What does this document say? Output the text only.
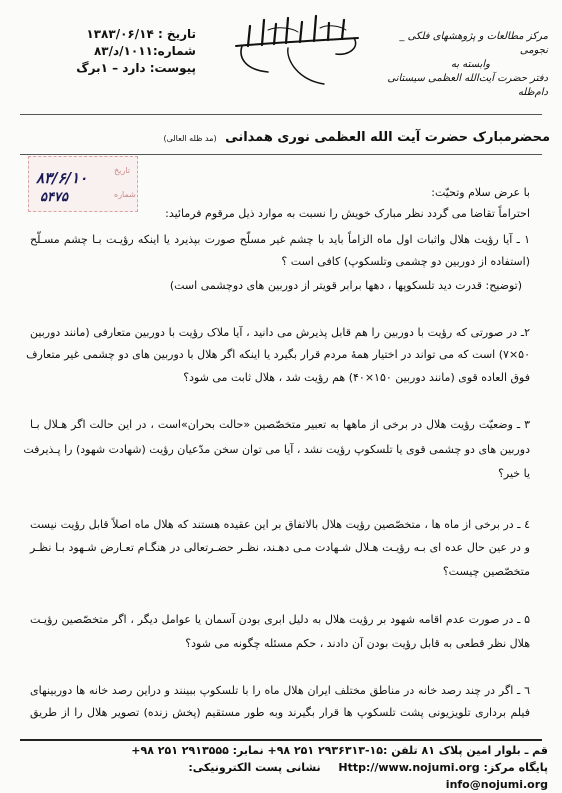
تاریخ : ۱۳۸۳/۰۶/۱۴
شماره:۱۰۱۱/د/۸۳
پیوست: دارد – ۱برگ
مرکز مطالعات و پژوهشهای فلکی _ نجومی
وابسته به
دفتر حضرت آیت‌الله العظمی سیستانی دام‌ظله
محضرمبارک حضرت آیت الله العظمی نوری همدانی (مد ظله العالی)
تاریخ
شماره
۸۳/۶/۱۰
۵۴۷۵	با عرض سلام وتحیّت:
احتراماً تقاضا می گردد نظر مبارک خویش را نسبت به موارد ذیل مرقوم فرمائید:
۱ ـ آیا رؤیت هلال واثبات اول ماه الزاماً باید با چشم غیر مسلّح صورت بپذیرد یا اینکه رؤیـت بـا چشم مسـلّح
(استفاده از دوربین دو چشمی وتلسکوپ) کافی است ؟
(توضیح: قدرت دید تلسکوپها ، دهها برابر قویتر از دوربین های دوچشمی است)
۲ـ در صورتی که رؤیت با دوربین را هم قابل پذیرش می دانید ، آیا ملاک رؤیت با دوربین متعارفی (مانند دوربین
۵۰×۷) است که می تواند در اختیار همهٔ مردم قرار بگیرد یا اینکه اگر هلال با دوربین های دو چشمی غیر متعارف
فوق العاده قوی (مانند دوربین ۱۵۰×۴۰) هم رؤیت شد ، هلال ثابت می شود؟
۳ ـ وضعیّت رؤیت هلال در برخی از ماهها به تعبیر متخصّصین «حالت بحران»است ، در این حالت اگر هـلال بـا
دوربین های دو چشمی قوی یا تلسکوپ رؤیت نشد ، آیا می توان سخن مدّعیان رؤیت (شهادت شهود) را پـذیرفت
یا خیر؟
٤ ـ در برخی از ماه ها ، متخصّصین رؤیت هلال بالاتفاق بر این عقیده هستند که هلال ماه اصلاً قابل رؤیت نیست
و در عین حال عده ای بـه رؤیـت هـلال شـهادت مـی دهـند، نظـر حضـرتعالی در هنگـام تعـارض شـهود بـا نظـر
متخصّصین چیست؟
۵ ـ در صورت عدم اقامه شهود بر رؤیت هلال به دلیل ابری بودن آسمان یا عوامل دیگر ، اگر متخصّصین رؤیـت
هلال نظر قطعی به قابل رؤیت بودن آن دادند ، حکم مسئله چگونه می شود؟
٦ ـ اگر در چند رصد خانه در مناطق مختلف ایران هلال ماه را با تلسکوپ ببینند و دراین رصد خانه ها دوربینهای
فیلم برداری تلویزیونی پشت تلسکوپ ها قرار بگیرند وبه طور مستقیم (پخش زنده) تصویر هلال را از طریق
قم ـ بلوار امین پلاک ۸۱ تلفن :۱۵-۲۹۳۶۳۱۳ ۲۵۱ ۹۸+ نمابر: ۲۹۱۳۵۵۵ ۲۵۱ ۹۸+
پایگاه مرکز: Http://www.nojumi.org  نشانی پست الکترونیکی: info@nojumi.org
